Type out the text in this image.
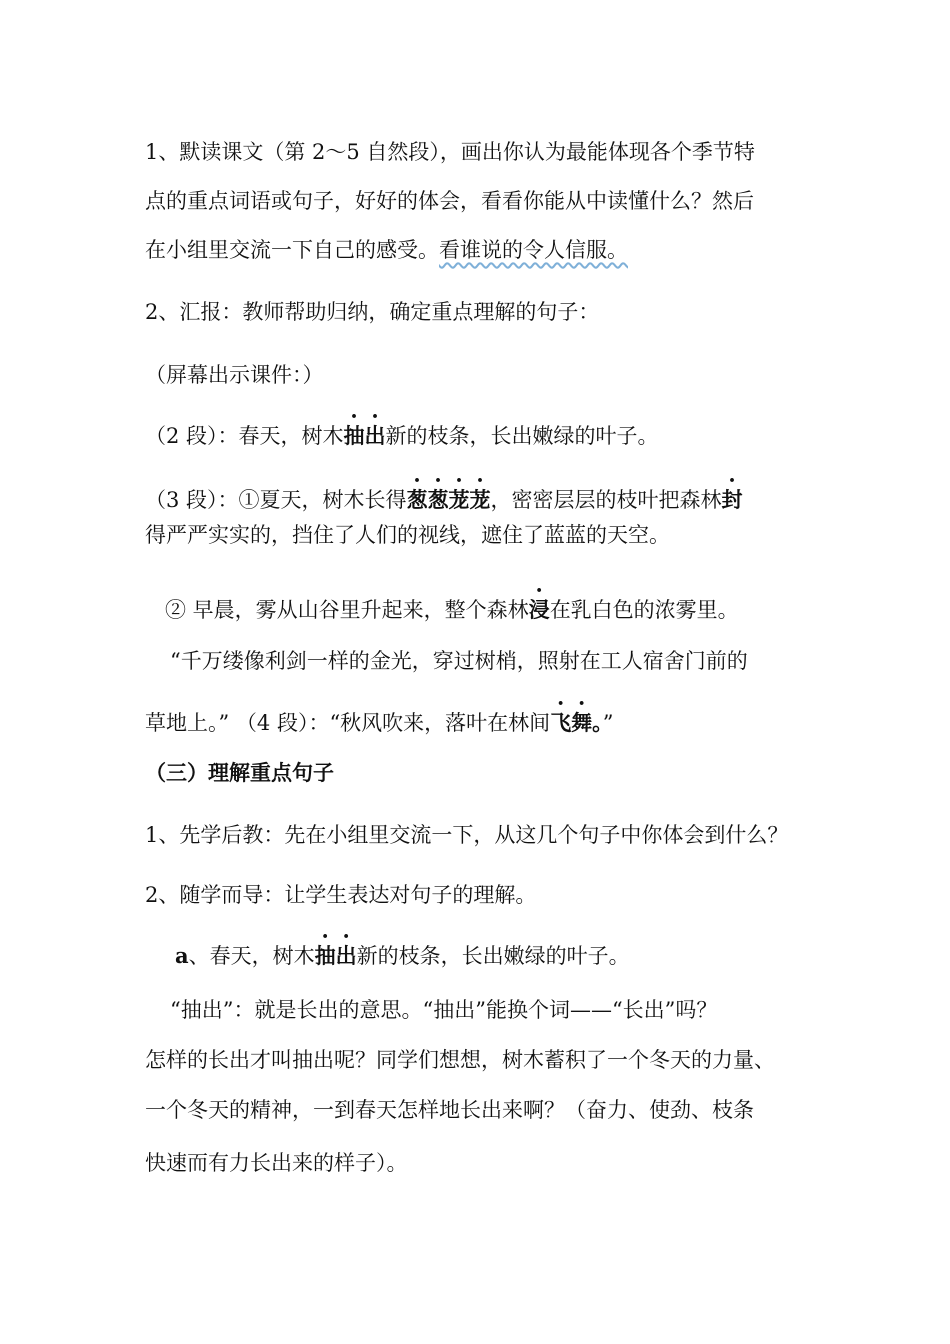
1、默读课文（第 2～5 自然段），画出你认为最能体现各个季节特
点的重点词语或句子，好好的体会，看看你能从中读懂什么？然后
在小组里交流一下自己的感受。看谁说的令人信服。
2、汇报：教师帮助归纳，确定重点理解的句子：
（屏幕出示课件：）
（2 段）：春天，树木抽出新的枝条，长出嫩绿的叶子。
（3 段）：①夏天，树木长得葱葱茏茏，密密层层的枝叶把森林封
得严严实实的，挡住了人们的视线，遮住了蓝蓝的天空。
② 早晨，雾从山谷里升起来，整个森林浸在乳白色的浓雾里。
“千万缕像利剑一样的金光，穿过树梢，照射在工人宿舍门前的
草地上。” （4 段）：“秋风吹来，落叶在林间飞舞。”
（三）理解重点句子
1、先学后教：先在小组里交流一下，从这几个句子中你体会到什么？
2、随学而导：让学生表达对句子的理解。
a、春天，树木抽出新的枝条，长出嫩绿的叶子。
“抽出”：就是长出的意思。“抽出”能换个词——“长出”吗？
怎样的长出才叫抽出呢？同学们想想，树木蓄积了一个冬天的力量、
一个冬天的精神，一到春天怎样地长出来啊？（奋力、使劲、枝条
快速而有力长出来的样子）。
